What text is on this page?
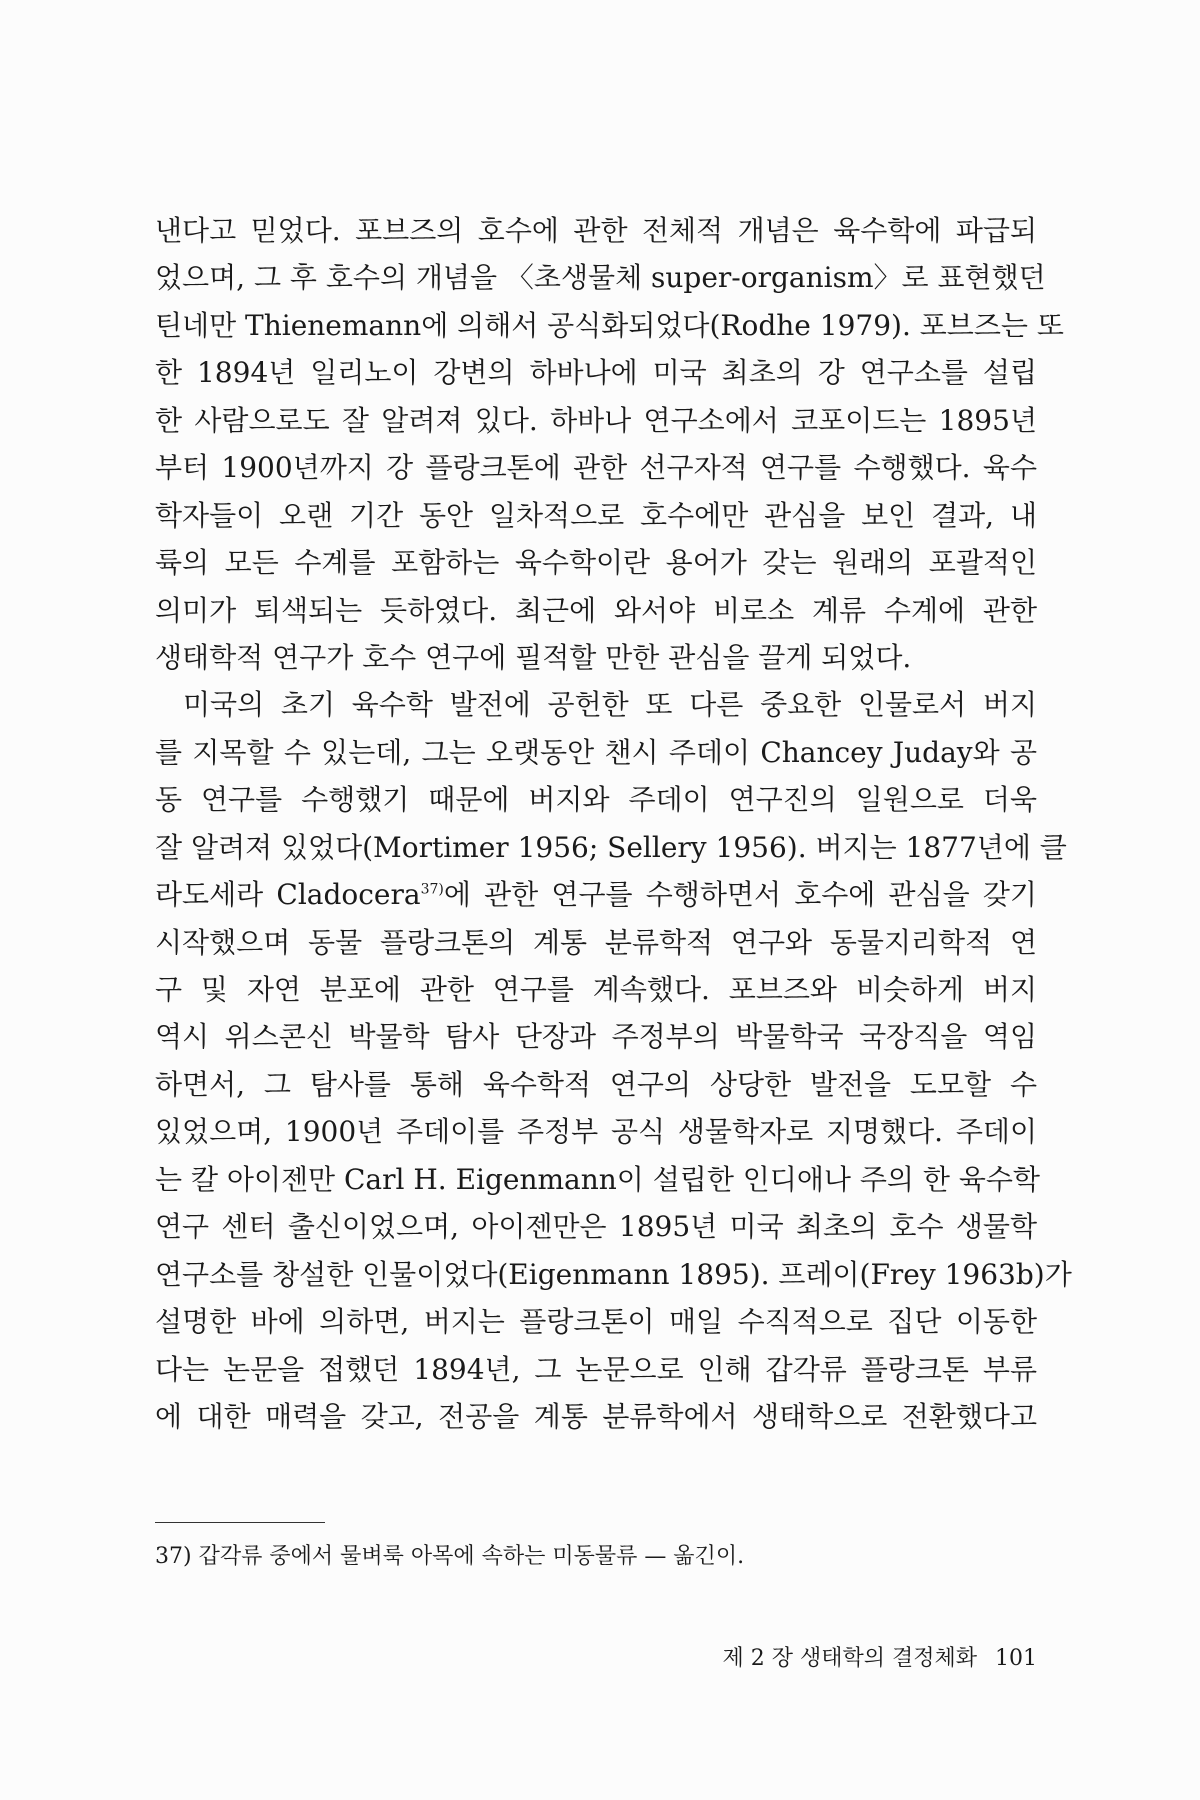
낸다고 믿었다. 포브즈의 호수에 관한 전체적 개념은 육수학에 파급되
었으며, 그 후 호수의 개념을 〈초생물체 super-organism〉로 표현했던
틴네만 Thienemann에 의해서 공식화되었다(Rodhe 1979). 포브즈는 또
한 1894년 일리노이 강변의 하바나에 미국 최초의 강 연구소를 설립
한 사람으로도 잘 알려져 있다. 하바나 연구소에서 코포이드는 1895년
부터 1900년까지 강 플랑크톤에 관한 선구자적 연구를 수행했다. 육수
학자들이 오랜 기간 동안 일차적으로 호수에만 관심을 보인 결과, 내
륙의 모든 수계를 포함하는 육수학이란 용어가 갖는 원래의 포괄적인
의미가 퇴색되는 듯하였다. 최근에 와서야 비로소 계류 수계에 관한
생태학적 연구가 호수 연구에 필적할 만한 관심을 끌게 되었다.
미국의 초기 육수학 발전에 공헌한 또 다른 중요한 인물로서 버지
를 지목할 수 있는데, 그는 오랫동안 챈시 주데이 Chancey Juday와 공
동 연구를 수행했기 때문에 버지와 주데이 연구진의 일원으로 더욱
잘 알려져 있었다(Mortimer 1956; Sellery 1956). 버지는 1877년에 클
라도세라 Cladocera$^{37)}$에 관한 연구를 수행하면서 호수에 관심을 갖기
시작했으며 동물 플랑크톤의 계통 분류학적 연구와 동물지리학적 연
구 및 자연 분포에 관한 연구를 계속했다. 포브즈와 비슷하게 버지
역시 위스콘신 박물학 탐사 단장과 주정부의 박물학국 국장직을 역임
하면서, 그 탐사를 통해 육수학적 연구의 상당한 발전을 도모할 수
있었으며, 1900년 주데이를 주정부 공식 생물학자로 지명했다. 주데이
는 칼 아이젠만 Carl H. Eigenmann이 설립한 인디애나 주의 한 육수학
연구 센터 출신이었으며, 아이젠만은 1895년 미국 최초의 호수 생물학
연구소를 창설한 인물이었다(Eigenmann 1895). 프레이(Frey 1963b)가
설명한 바에 의하면, 버지는 플랑크톤이 매일 수직적으로 집단 이동한
다는 논문을 접했던 1894년, 그 논문으로 인해 갑각류 플랑크톤 부류
에 대한 매력을 갖고, 전공을 계통 분류학에서 생태학으로 전환했다고
37) 갑각류 중에서 물벼룩 아목에 속하는 미동물류 — 옮긴이.
제 2 장 생태학의 결정체화 101
